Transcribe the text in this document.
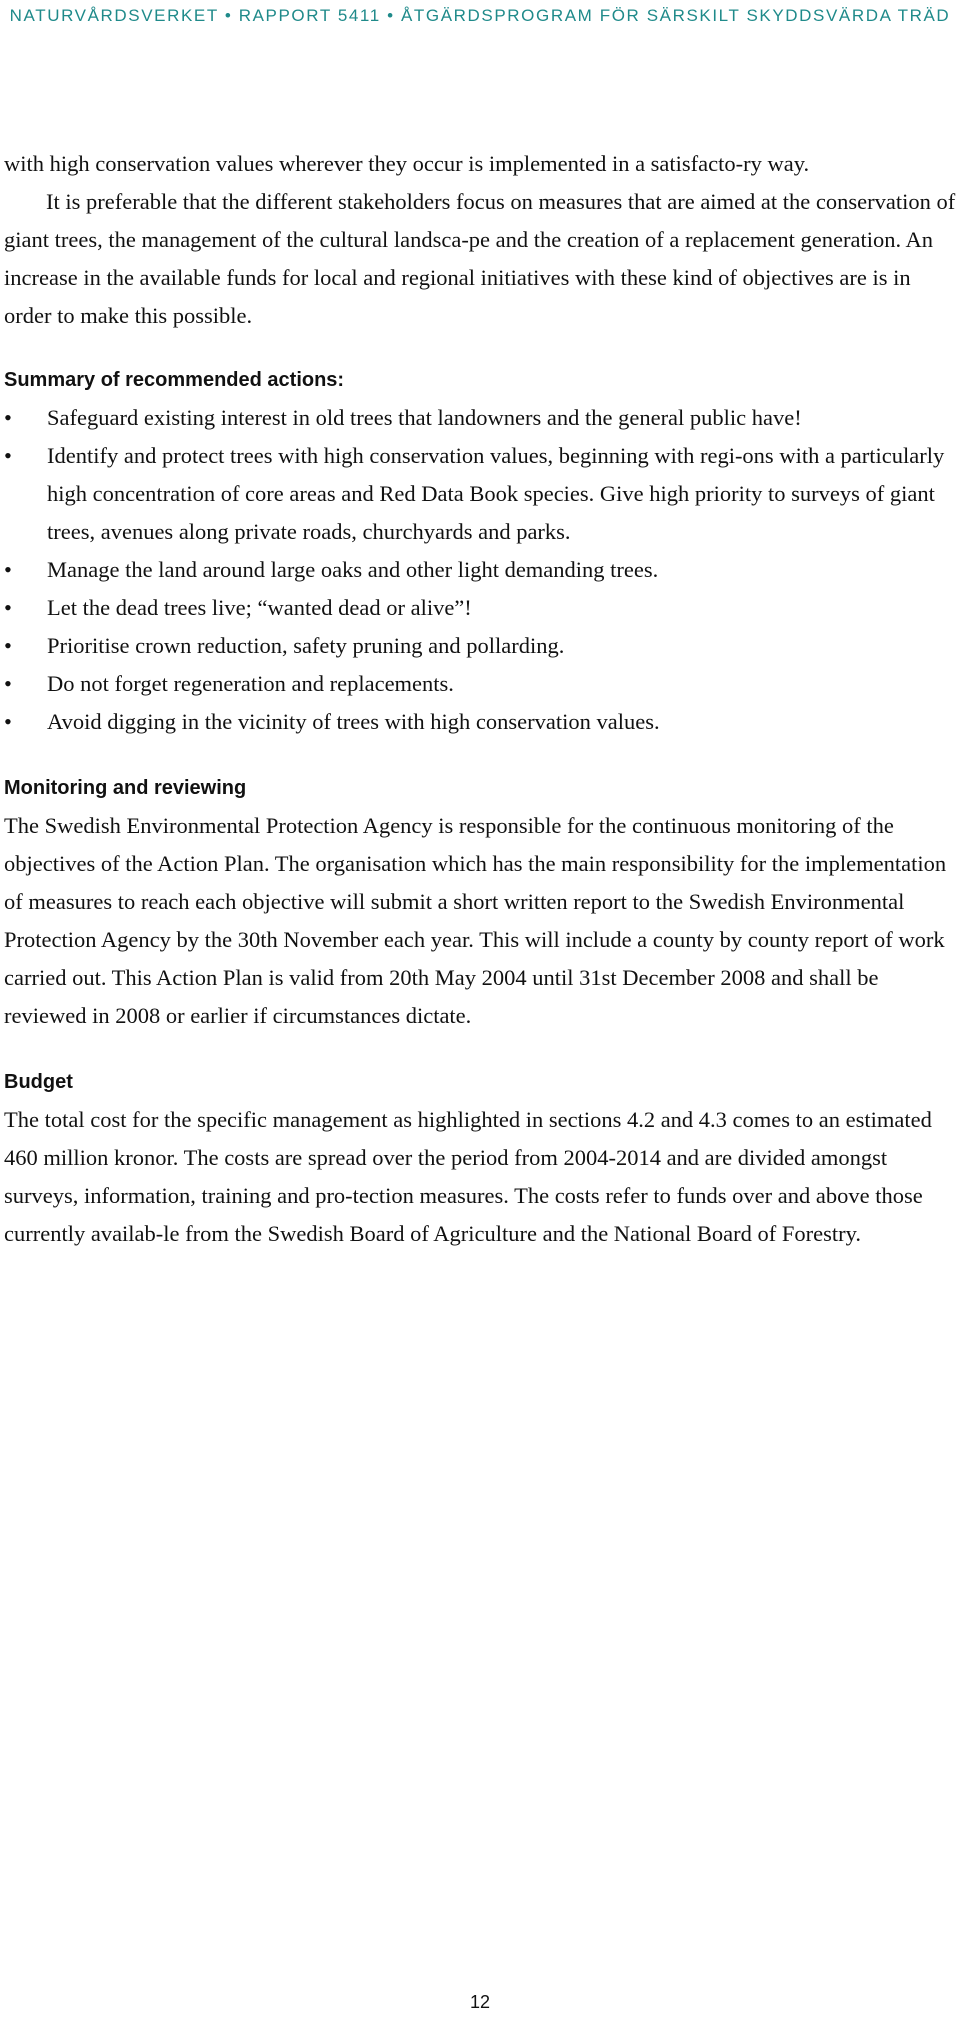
NATURVÅRDSVERKET • RAPPORT 5411 • ÅTGÄRDSPROGRAM FÖR SÄRSKILT SKYDDSVÄRDA TRÄD

with high conservation values wherever they occur is implemented in a satisfacto-ry way.

It is preferable that the different stakeholders focus on measures that are aimed at the conservation of giant trees, the management of the cultural landsca-pe and the creation of a replacement generation. An increase in the available funds for local and regional initiatives with these kind of objectives are is in order to make this possible.

Summary of recommended actions:
• Safeguard existing interest in old trees that landowners and the general public have!
• Identify and protect trees with high conservation values, beginning with regi-ons with a particularly high concentration of core areas and Red Data Book species. Give high priority to surveys of giant trees, avenues along private roads, churchyards and parks.
• Manage the land around large oaks and other light demanding trees.
• Let the dead trees live; “wanted dead or alive”!
• Prioritise crown reduction, safety pruning and pollarding.
• Do not forget regeneration and replacements.
• Avoid digging in the vicinity of trees with high conservation values.
Monitoring and reviewing

The Swedish Environmental Protection Agency is responsible for the continuous monitoring of the objectives of the Action Plan. The organisation which has the main responsibility for the implementation of measures to reach each objective will submit a short written report to the Swedish Environmental Protection Agency by the 30th November each year. This will include a county by county report of work carried out. This Action Plan is valid from 20th May 2004 until 31st December 2008 and shall be reviewed in 2008 or earlier if circumstances dictate.

Budget

The total cost for the specific management as highlighted in sections 4.2 and 4.3 comes to an estimated 460 million kronor. The costs are spread over the period from 2004-2014 and are divided amongst surveys, information, training and pro-tection measures. The costs refer to funds over and above those currently availab-le from the Swedish Board of Agriculture and the National Board of Forestry.

12
